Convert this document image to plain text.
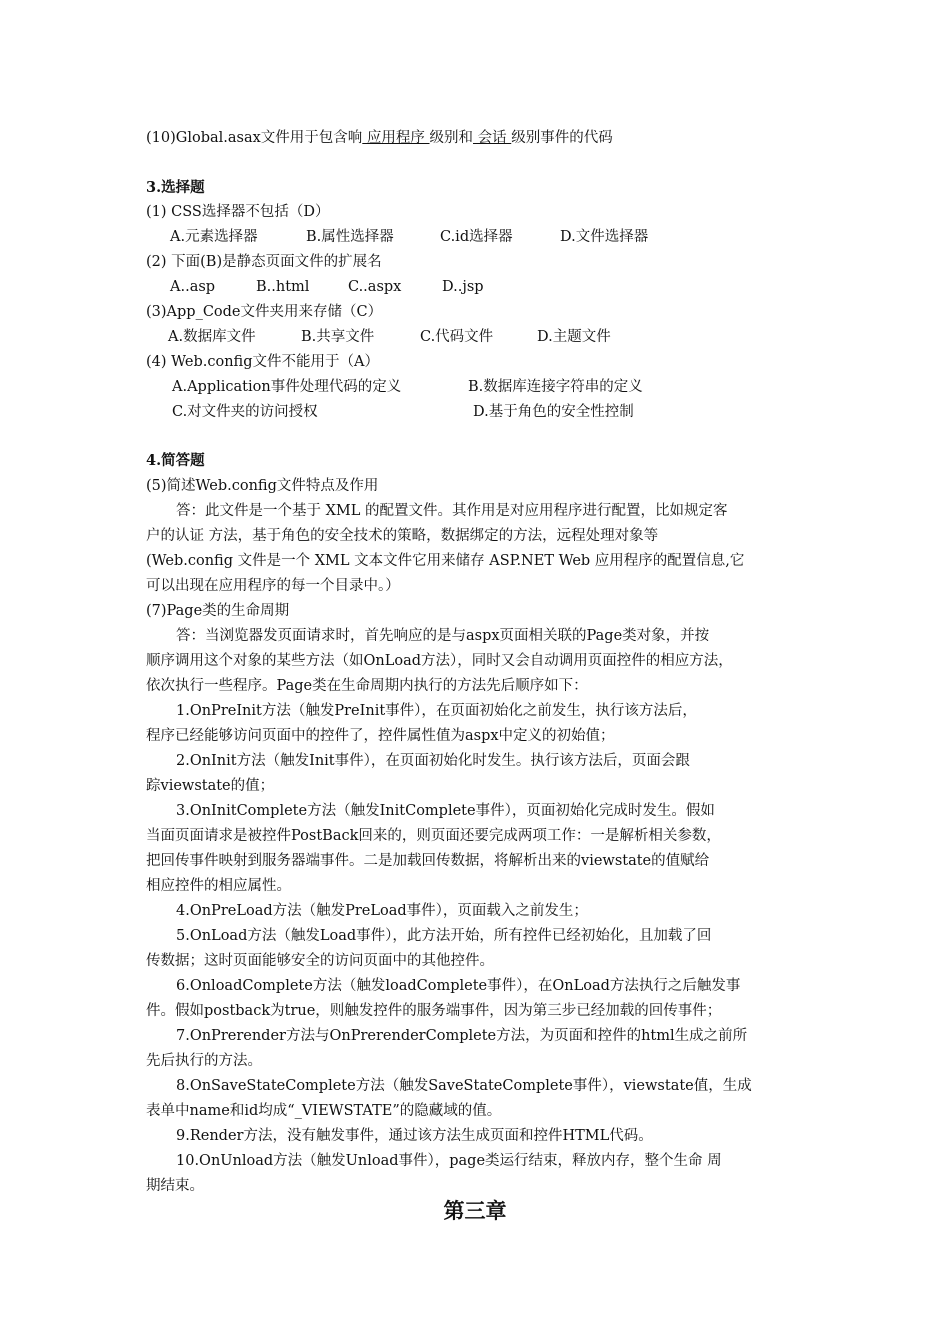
(10)Global.asax文件用于包含响 应用程序 级别和 会话 级别事件的代码
3.选择题
(1) CSS选择器不包括（D）
A.元素选择器	B.属性选择器	C.id选择器	D.文件选择器
(2) 下面(B)是静态页面文件的扩展名
A..asp	B..html	C..aspx	D..jsp
(3)App_Code文件夹用来存储（C）
A.数据库文件	B.共享文件	C.代码文件	D.主题文件
(4) Web.config文件不能用于（A）
A.Application事件处理代码的定义	B.数据库连接字符串的定义
C.对文件夹的访问授权	D.基于角色的安全性控制
4.简答题
(5)简述Web.config文件特点及作用
答：此文件是一个基于 XML 的配置文件。其作用是对应用程序进行配置，比如规定客
户的认证 方法，基于角色的安全技术的策略，数据绑定的方法，远程处理对象等
(Web.config 文件是一个 XML 文本文件它用来储存 ASP.NET Web 应用程序的配置信息,它
可以出现在应用程序的每一个目录中。）
(7)Page类的生命周期
答：当浏览器发页面请求时，首先响应的是与aspx页面相关联的Page类对象，并按
顺序调用这个对象的某些方法（如OnLoad方法），同时又会自动调用页面控件的相应方法，
依次执行一些程序。Page类在生命周期内执行的方法先后顺序如下：
1.OnPreInit方法（触发PreInit事件），在页面初始化之前发生，执行该方法后，
程序已经能够访问页面中的控件了，控件属性值为aspx中定义的初始值；
2.OnInit方法（触发Init事件），在页面初始化时发生。执行该方法后，页面会跟
踪viewstate的值；
3.OnInitComplete方法（触发InitComplete事件），页面初始化完成时发生。假如
当面页面请求是被控件PostBack回来的，则页面还要完成两项工作：一是解析相关参数，
把回传事件映射到服务器端事件。二是加载回传数据，将解析出来的viewstate的值赋给
相应控件的相应属性。
4.OnPreLoad方法（触发PreLoad事件），页面载入之前发生；
5.OnLoad方法（触发Load事件），此方法开始，所有控件已经初始化，且加载了回
传数据；这时页面能够安全的访问页面中的其他控件。
6.OnloadComplete方法（触发loadComplete事件），在OnLoad方法执行之后触发事
件。假如postback为true，则触发控件的服务端事件，因为第三步已经加载的回传事件；
7.OnPrerender方法与OnPrerenderComplete方法，为页面和控件的html生成之前所
先后执行的方法。
8.OnSaveStateComplete方法（触发SaveStateComplete事件），viewstate值，生成
表单中name和id均成“_VIEWSTATE”的隐藏域的值。
9.Render方法，没有触发事件，通过该方法生成页面和控件HTML代码。
10.OnUnload方法（触发Unload事件），page类运行结束，释放内存，整个生命 周
期结束。
第三章
